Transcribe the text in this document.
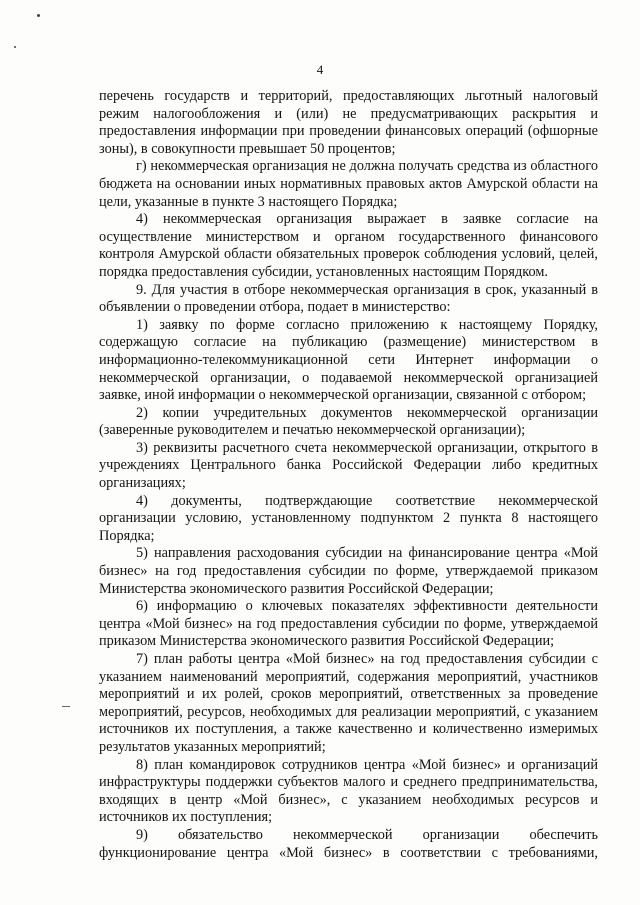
4

перечень государств и территорий, предоставляющих льготный налоговый режим налогообложения и (или) не предусматривающих раскрытия и предоставления информации при проведении финансовых операций (офшорные зоны), в совокупности превышает 50 процентов;

г) некоммерческая организация не должна получать средства из областного бюджета на основании иных нормативных правовых актов Амурской области на цели, указанные в пункте 3 настоящего Порядка;

4) некоммерческая организация выражает в заявке согласие на осуществление министерством и органом государственного финансового контроля Амурской области обязательных проверок соблюдения условий, целей, порядка предоставления субсидии, установленных настоящим Порядком.

9. Для участия в отборе некоммерческая организация в срок, указанный в объявлении о проведении отбора, подает в министерство:

1) заявку по форме согласно приложению к настоящему Порядку, содержащую согласие на публикацию (размещение) министерством в информационно-телекоммуникационной сети Интернет информации о некоммерческой организации, о подаваемой некоммерческой организацией заявке, иной информации о некоммерческой организации, связанной с отбором;

2) копии учредительных документов некоммерческой организации (заверенные руководителем и печатью некоммерческой организации);

3) реквизиты расчетного счета некоммерческой организации, открытого в учреждениях Центрального банка Российской Федерации либо кредитных организациях;

4) документы, подтверждающие соответствие некоммерческой организации условию, установленному подпунктом 2 пункта 8 настоящего Порядка;

5) направления расходования субсидии на финансирование центра «Мой бизнес» на год предоставления субсидии по форме, утверждаемой приказом Министерства экономического развития Российской Федерации;

6) информацию о ключевых показателях эффективности деятельности центра «Мой бизнес» на год предоставления субсидии по форме, утверждаемой приказом Министерства экономического развития Российской Федерации;

7) план работы центра «Мой бизнес» на год предоставления субсидии с указанием наименований мероприятий, содержания мероприятий, участников мероприятий и их ролей, сроков мероприятий, ответственных за проведение мероприятий, ресурсов, необходимых для реализации мероприятий, с указанием источников их поступления, а также качественно и количественно измеримых результатов указанных мероприятий;

8) план командировок сотрудников центра «Мой бизнес» и организаций инфраструктуры поддержки субъектов малого и среднего предпринимательства, входящих в центр «Мой бизнес», с указанием необходимых ресурсов и источников их поступления;

9) обязательство некоммерческой организации обеспечить функционирование центра «Мой бизнес» в соответствии с требованиями,
